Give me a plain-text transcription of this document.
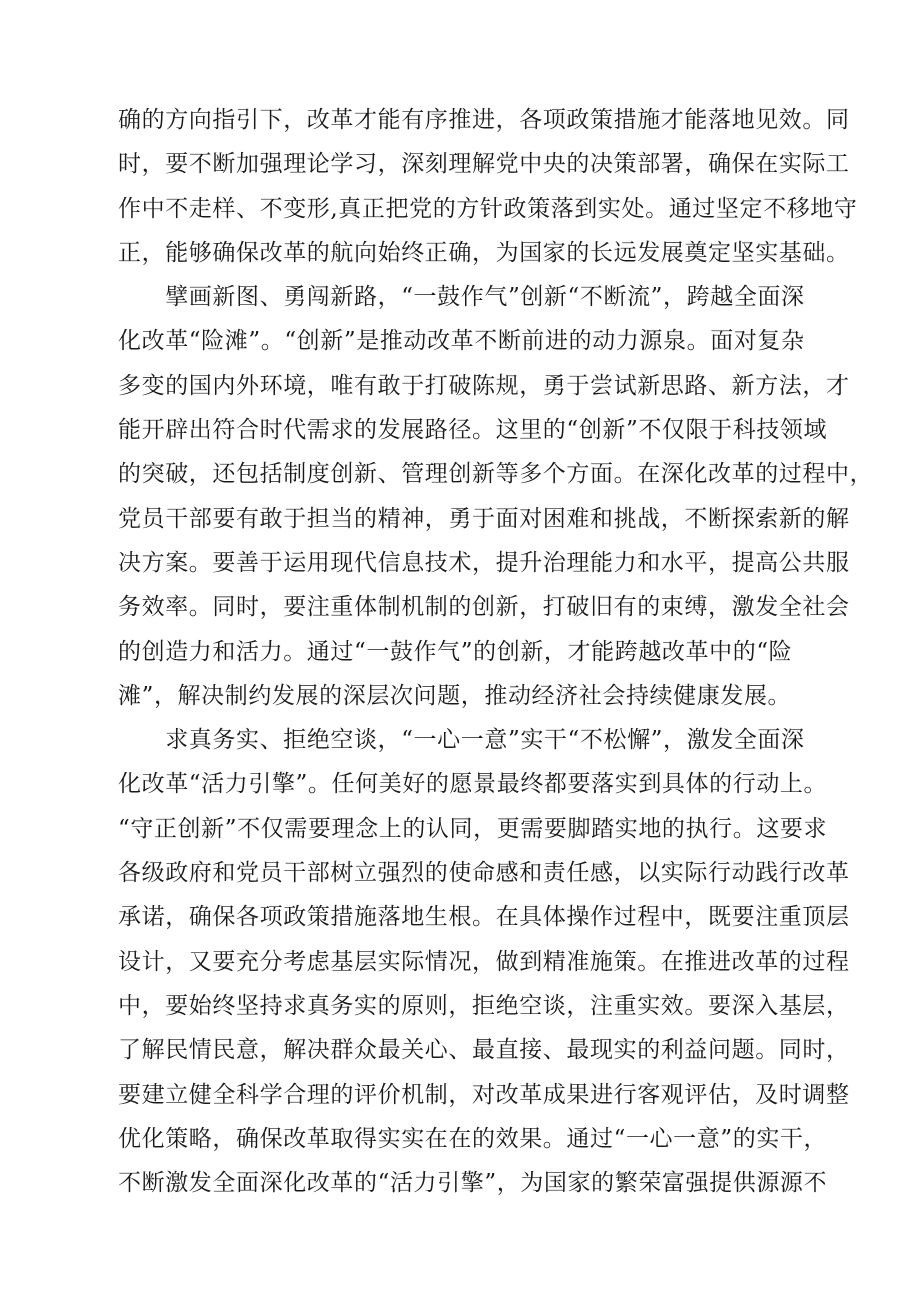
确的方向指引下，改革才能有序推进，各项政策措施才能落地见效。同
时，要不断加强理论学习，深刻理解党中央的决策部署，确保在实际工
作中不走样、不变形,真正把党的方针政策落到实处。通过坚定不移地守
正，能够确保改革的航向始终正确，为国家的长远发展奠定坚实基础。
　　擘画新图、勇闯新路，“一鼓作气”创新“不断流”，跨越全面深
化改革“险滩”。“创新”是推动改革不断前进的动力源泉。面对复杂
多变的国内外环境，唯有敢于打破陈规，勇于尝试新思路、新方法，才
能开辟出符合时代需求的发展路径。这里的“创新”不仅限于科技领域
的突破，还包括制度创新、管理创新等多个方面。在深化改革的过程中，
党员干部要有敢于担当的精神，勇于面对困难和挑战，不断探索新的解
决方案。要善于运用现代信息技术，提升治理能力和水平，提高公共服
务效率。同时，要注重体制机制的创新，打破旧有的束缚，激发全社会
的创造力和活力。通过“一鼓作气”的创新，才能跨越改革中的“险
滩”，解决制约发展的深层次问题，推动经济社会持续健康发展。
　　求真务实、拒绝空谈，“一心一意”实干“不松懈”，激发全面深
化改革“活力引擎”。任何美好的愿景最终都要落实到具体的行动上。
“守正创新”不仅需要理念上的认同，更需要脚踏实地的执行。这要求
各级政府和党员干部树立强烈的使命感和责任感，以实际行动践行改革
承诺，确保各项政策措施落地生根。在具体操作过程中，既要注重顶层
设计，又要充分考虑基层实际情况，做到精准施策。在推进改革的过程
中，要始终坚持求真务实的原则，拒绝空谈，注重实效。要深入基层，
了解民情民意，解决群众最关心、最直接、最现实的利益问题。同时，
要建立健全科学合理的评价机制，对改革成果进行客观评估，及时调整
优化策略，确保改革取得实实在在的效果。通过“一心一意”的实干，
不断激发全面深化改革的“活力引擎”，为国家的繁荣富强提供源源不
